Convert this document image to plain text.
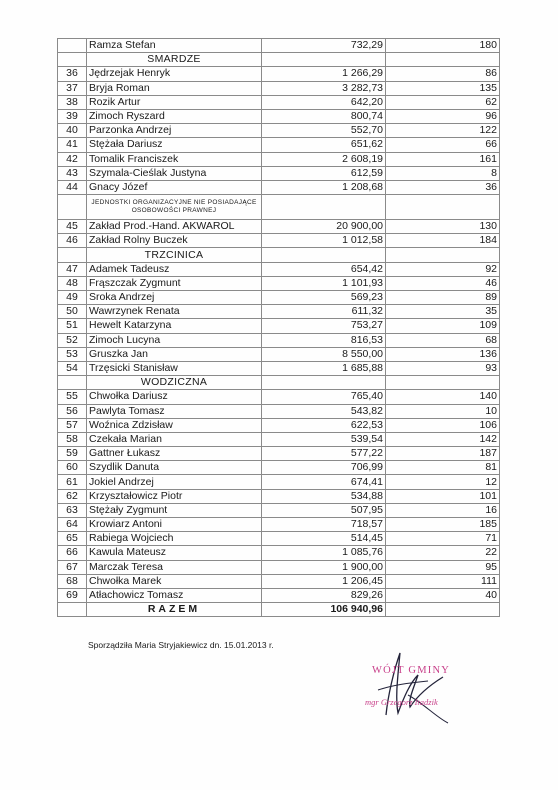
	Ramza Stefan	732,29	180
	SMARDZE		
36	Jędrzejak Henryk	1 266,29	86
37	Bryja Roman	3 282,73	135
38	Rozik Artur	642,20	62
39	Zimoch Ryszard	800,74	96
40	Parzonka Andrzej	552,70	122
41	Stężała Dariusz	651,62	66
42	Tomalik Franciszek	2 608,19	161
43	Szymala-Cieślak Justyna	612,59	8
44	Gnacy Józef	1 208,68	36
	JEDNOSTKI ORGANIZACYJNE NIE POSIADAJĄCE OSOBOWOŚCI PRAWNEJ		
45	Zakład Prod.-Hand. AKWAROL	20 900,00	130
46	Zakład Rolny Buczek	1 012,58	184
	TRZCINICA		
47	Adamek Tadeusz	654,42	92
48	Frąszczak Zygmunt	1 101,93	46
49	Sroka Andrzej	569,23	89
50	Wawrzynek Renata	611,32	35
51	Hewelt Katarzyna	753,27	109
52	Zimoch Lucyna	816,53	68
53	Gruszka Jan	8 550,00	136
54	Trzęsicki Stanisław	1 685,88	93
	WODZICZNA		
55	Chwołka Dariusz	765,40	140
56	Pawlyta Tomasz	543,82	10
57	Woźnica Zdzisław	622,53	106
58	Czekała Marian	539,54	142
59	Gattner Łukasz	577,22	187
60	Szydlik Danuta	706,99	81
61	Jokiel Andrzej	674,41	12
62	Krzyształowicz Piotr	534,88	101
63	Stężały Zygmunt	507,95	16
64	Krowiarz Antoni	718,57	185
65	Rabiega Wojciech	514,45	71
66	Kawula Mateusz	1 085,76	22
67	Marczak Teresa	1 900,00	95
68	Chwołka Marek	1 206,45	111
69	Atłachowicz Tomasz	829,26	40
	RAZEM	106 940,96	
Sporządziła Maria Stryjakiewicz dn. 15.01.2013 r.
WÓJT GMINY
mgr Grzegorz Itadzik
